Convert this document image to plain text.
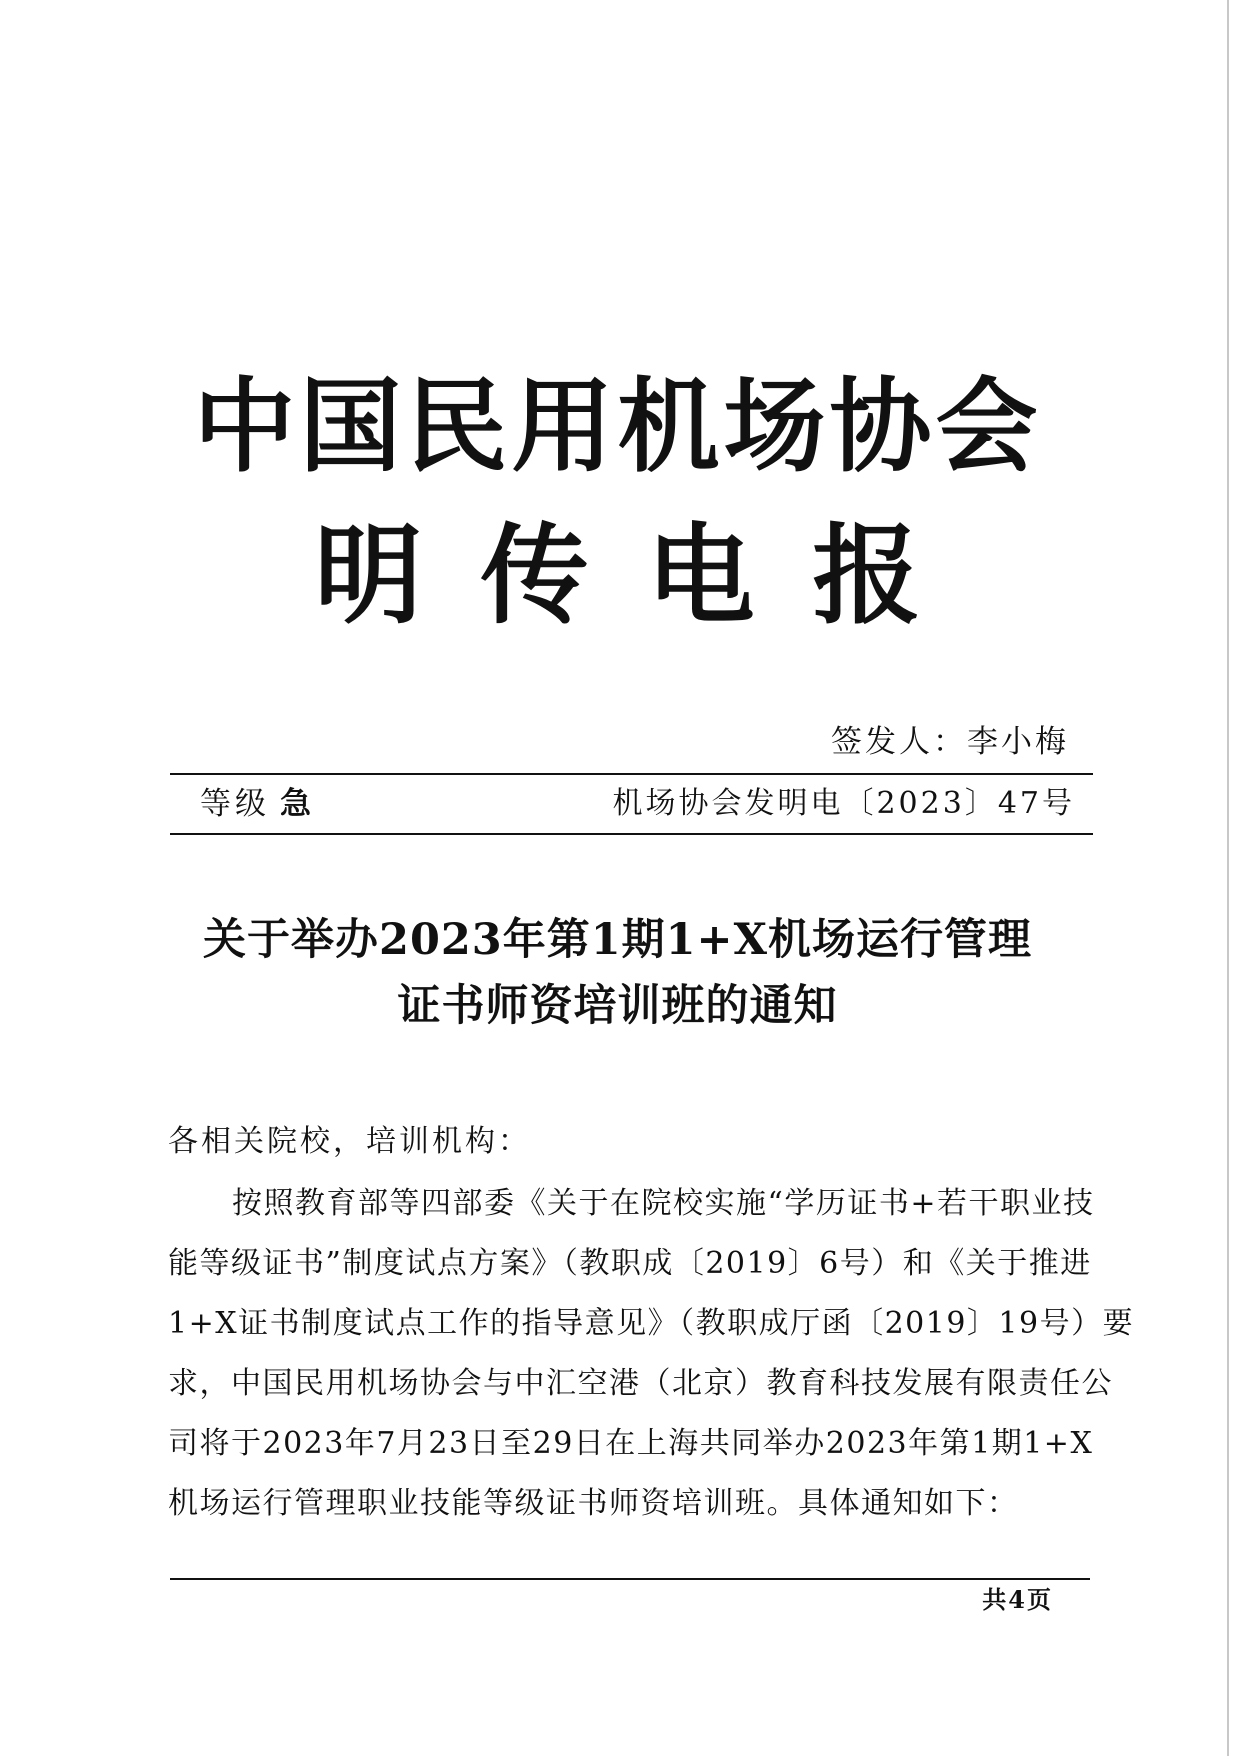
中国民用机场协会
明传电报
签发人：李小梅
等级 急	机场协会发明电〔2023〕47号
关于举办2023年第1期1+X机场运行管理
证书师资培训班的通知
各相关院校，培训机构：

按照教育部等四部委《关于在院校实施“学历证书+若干职业技
能等级证书”制度试点方案》（教职成〔2019〕6号）和《关于推进
1+X证书制度试点工作的指导意见》（教职成厅函〔2019〕19号）要
求，中国民用机场协会与中汇空港（北京）教育科技发展有限责任公
司将于2023年7月23日至29日在上海共同举办2023年第1期1+X
机场运行管理职业技能等级证书师资培训班。具体通知如下：

共4页
